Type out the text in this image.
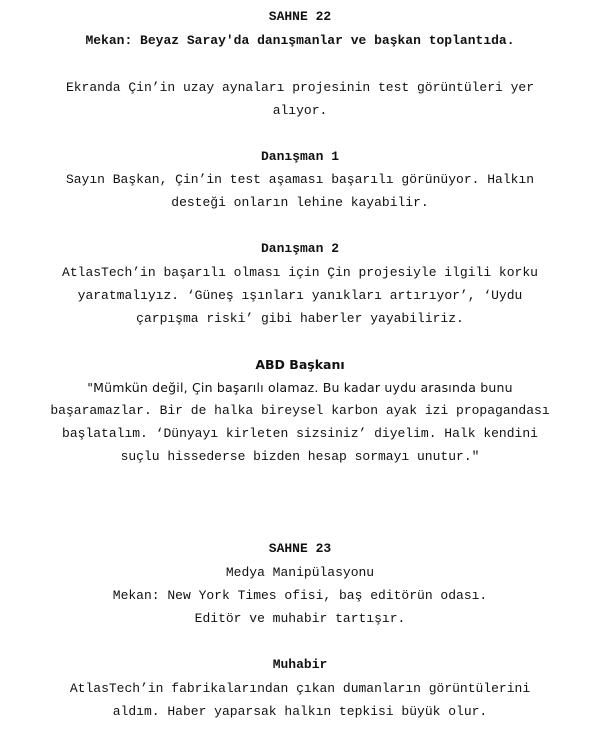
SAHNE 22
Mekan: Beyaz Saray'da danışmanlar ve başkan toplantıda.
Ekranda Çin’in uzay aynaları projesinin test görüntüleri yer
alıyor.
Danışman 1
Sayın Başkan, Çin’in test aşaması başarılı görünüyor. Halkın
desteği onların lehine kayabilir.
Danışman 2
AtlasTech’in başarılı olması için Çin projesiyle ilgili korku
yaratmalıyız. ‘Güneş ışınları yanıkları artırıyor’, ‘Uydu
çarpışma riski’ gibi haberler yayabiliriz.
ABD Başkanı
"Mümkün değil, Çin başarılı olamaz. Bu kadar uydu arasında bunu
başaramazlar. Bir de halka bireysel karbon ayak izi propagandası
başlatalım. ‘Dünyayı kirleten sizsiniz’ diyelim. Halk kendini
suçlu hissederse bizden hesap sormayı unutur."
SAHNE 23
Medya Manipülasyonu
Mekan: New York Times ofisi, baş editörün odası.
Editör ve muhabir tartışır.
Muhabir
AtlasTech’in fabrikalarından çıkan dumanların görüntülerini
aldım. Haber yaparsak halkın tepkisi büyük olur.
